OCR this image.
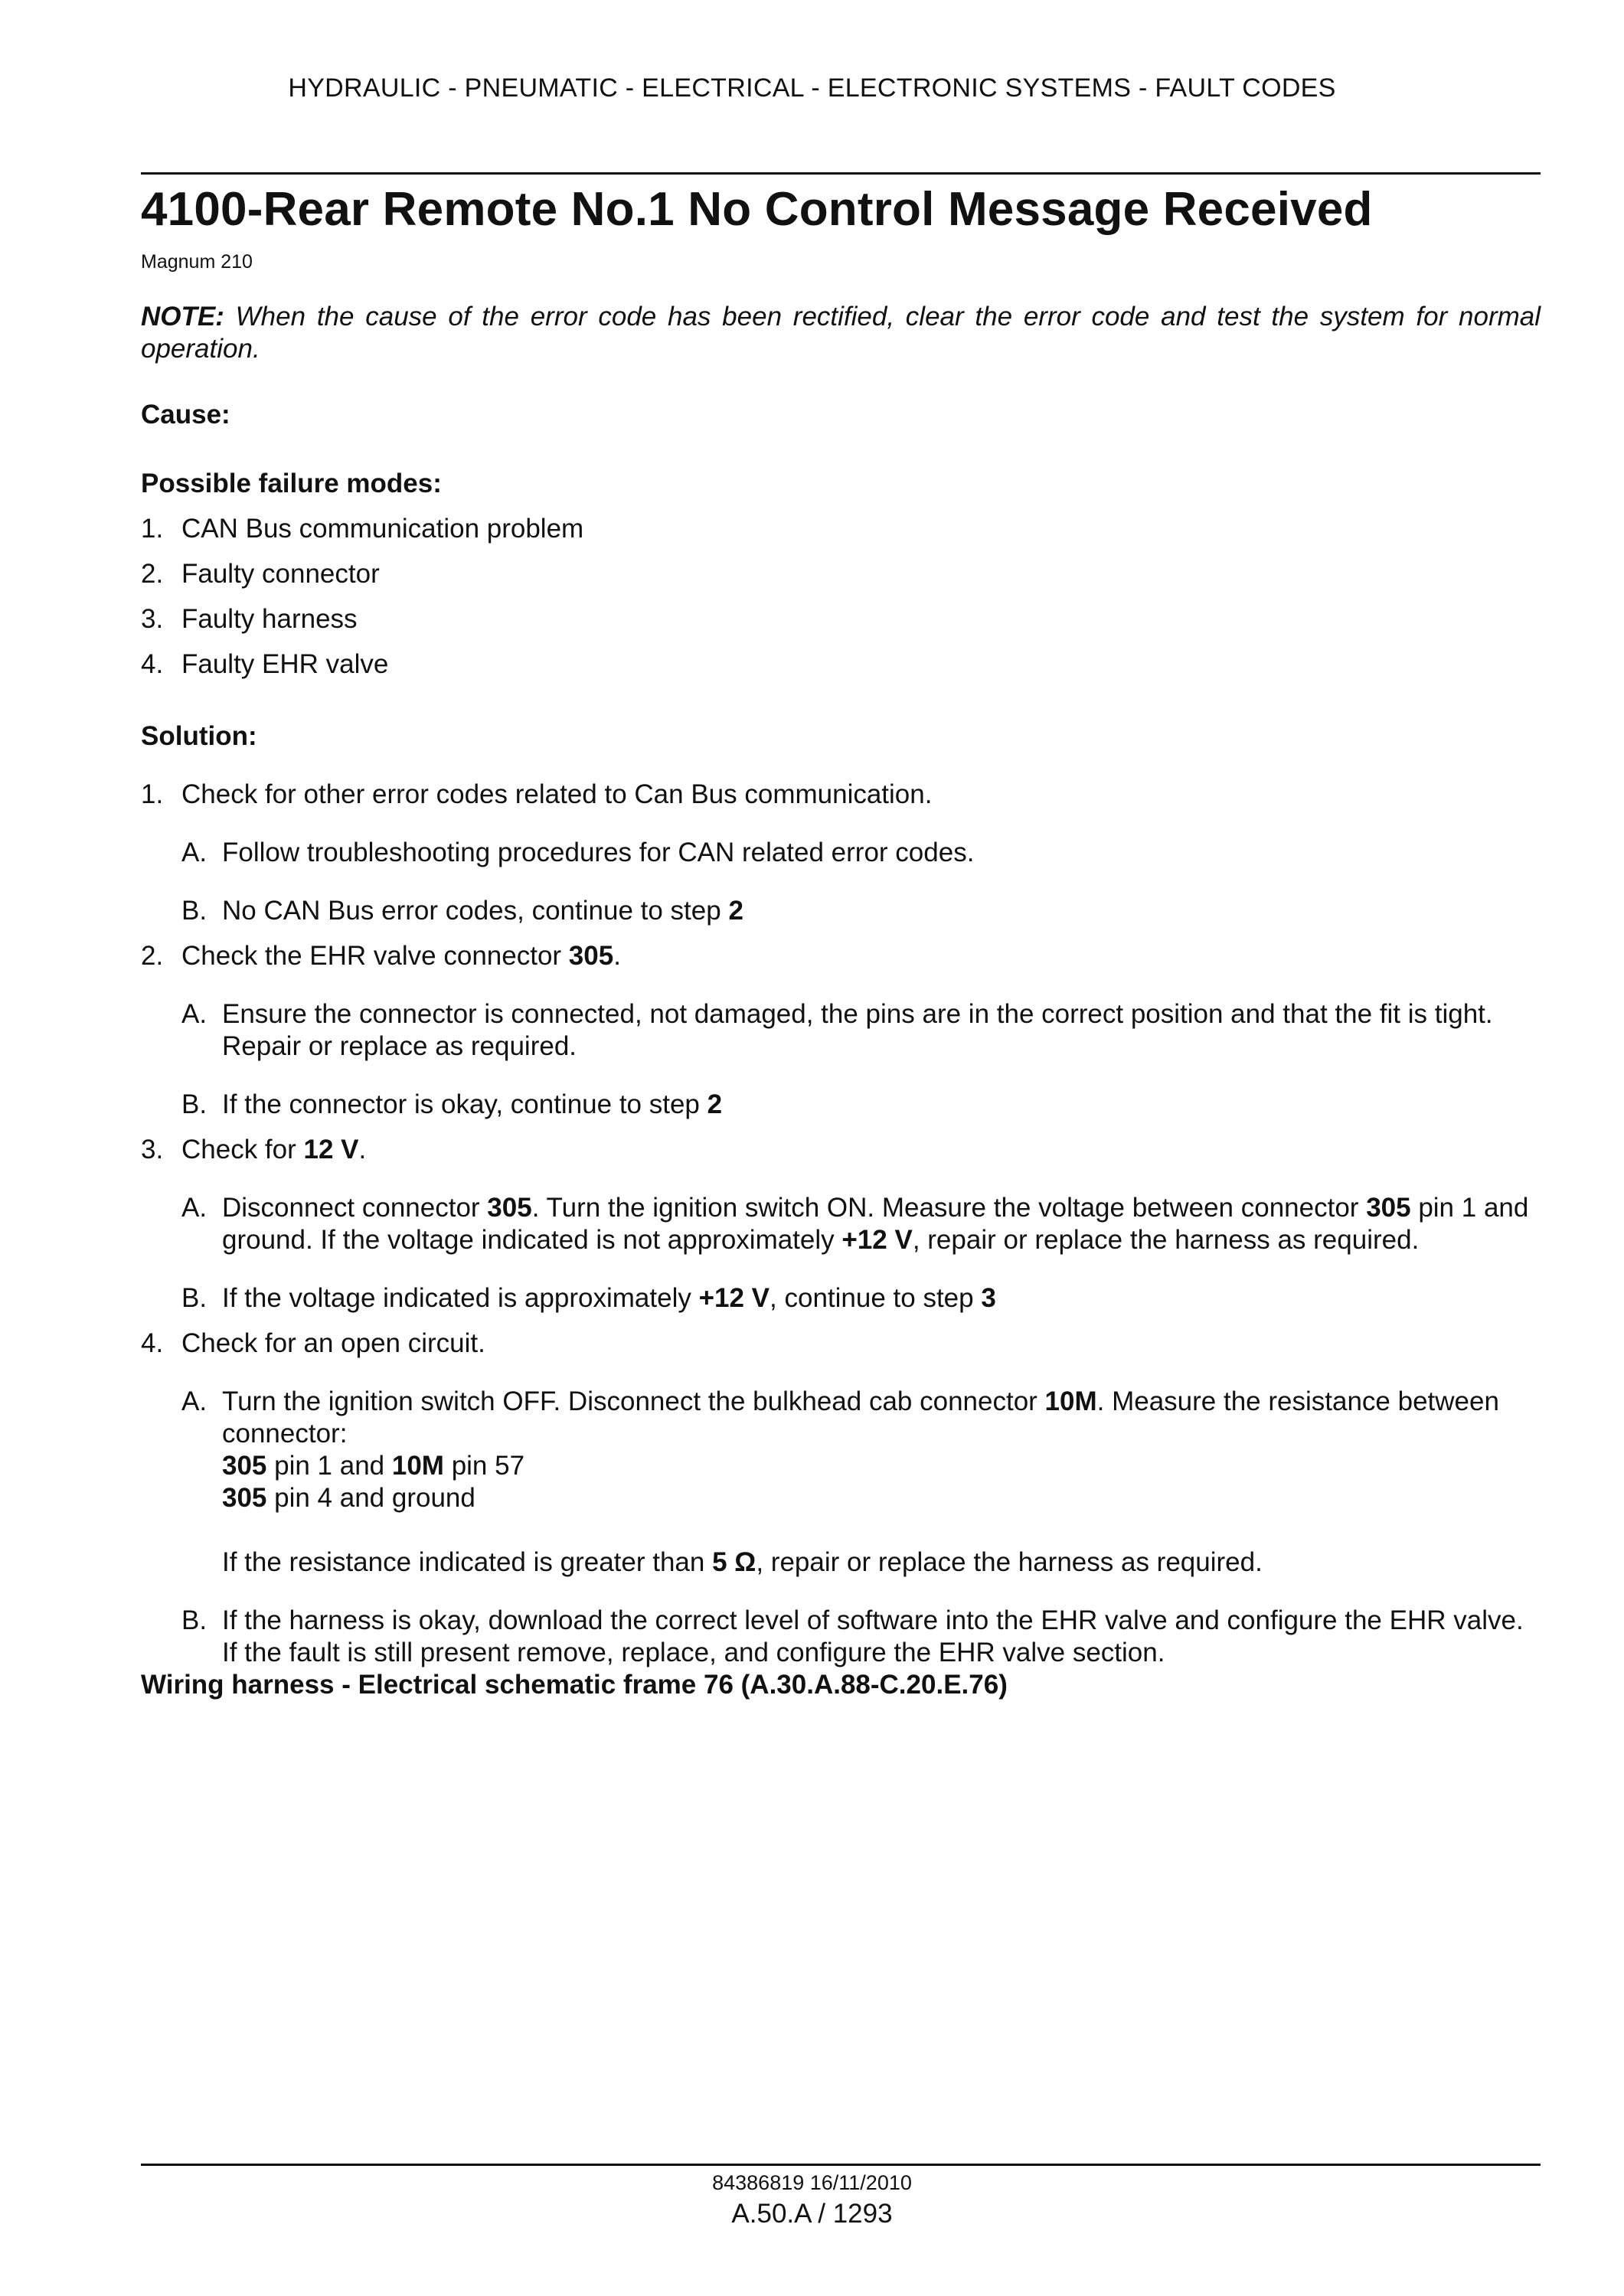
HYDRAULIC - PNEUMATIC - ELECTRICAL - ELECTRONIC SYSTEMS - FAULT CODES
4100-Rear Remote No.1 No Control Message Received
Magnum 210
NOTE: When the cause of the error code has been rectified, clear the error code and test the system for normal operation.
Cause:
Possible failure modes:
1. CAN Bus communication problem
2. Faulty connector
3. Faulty harness
4. Faulty EHR valve
Solution:
1. Check for other error codes related to Can Bus communication.
A. Follow troubleshooting procedures for CAN related error codes.
B. No CAN Bus error codes, continue to step 2
2. Check the EHR valve connector 305.
A. Ensure the connector is connected, not damaged, the pins are in the correct position and that the fit is tight. Repair or replace as required.
B. If the connector is okay, continue to step 2
3. Check for 12 V.
A. Disconnect connector 305. Turn the ignition switch ON. Measure the voltage between connector 305 pin 1 and ground. If the voltage indicated is not approximately +12 V, repair or replace the harness as required.
B. If the voltage indicated is approximately +12 V, continue to step 3
4. Check for an open circuit.
A. Turn the ignition switch OFF. Disconnect the bulkhead cab connector 10M. Measure the resistance between connector:
305 pin 1 and 10M pin 57
305 pin 4 and ground
If the resistance indicated is greater than 5 Ω, repair or replace the harness as required.
B. If the harness is okay, download the correct level of software into the EHR valve and configure the EHR valve. If the fault is still present remove, replace, and configure the EHR valve section.
Wiring harness - Electrical schematic frame 76 (A.30.A.88-C.20.E.76)
84386819 16/11/2010
A.50.A / 1293
